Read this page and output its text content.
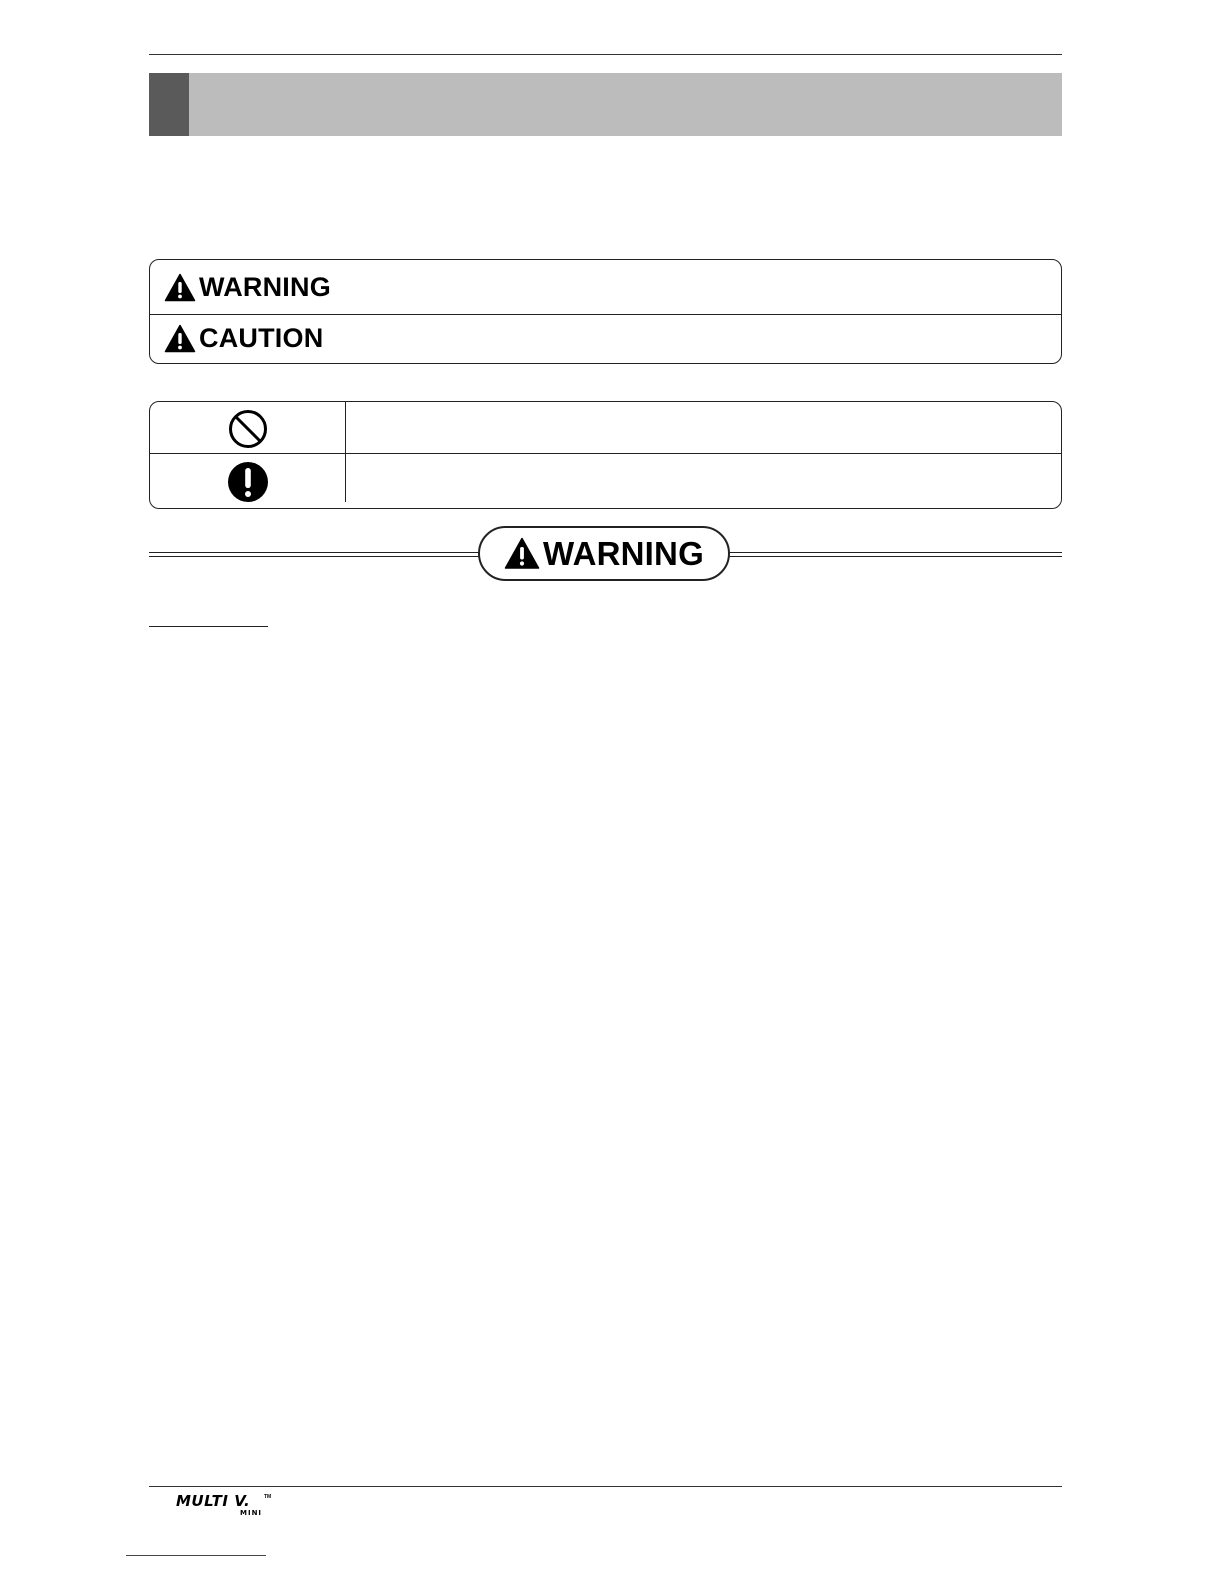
WARNING
CAUTION
WARNING
MULTI V.	TM
MINI
